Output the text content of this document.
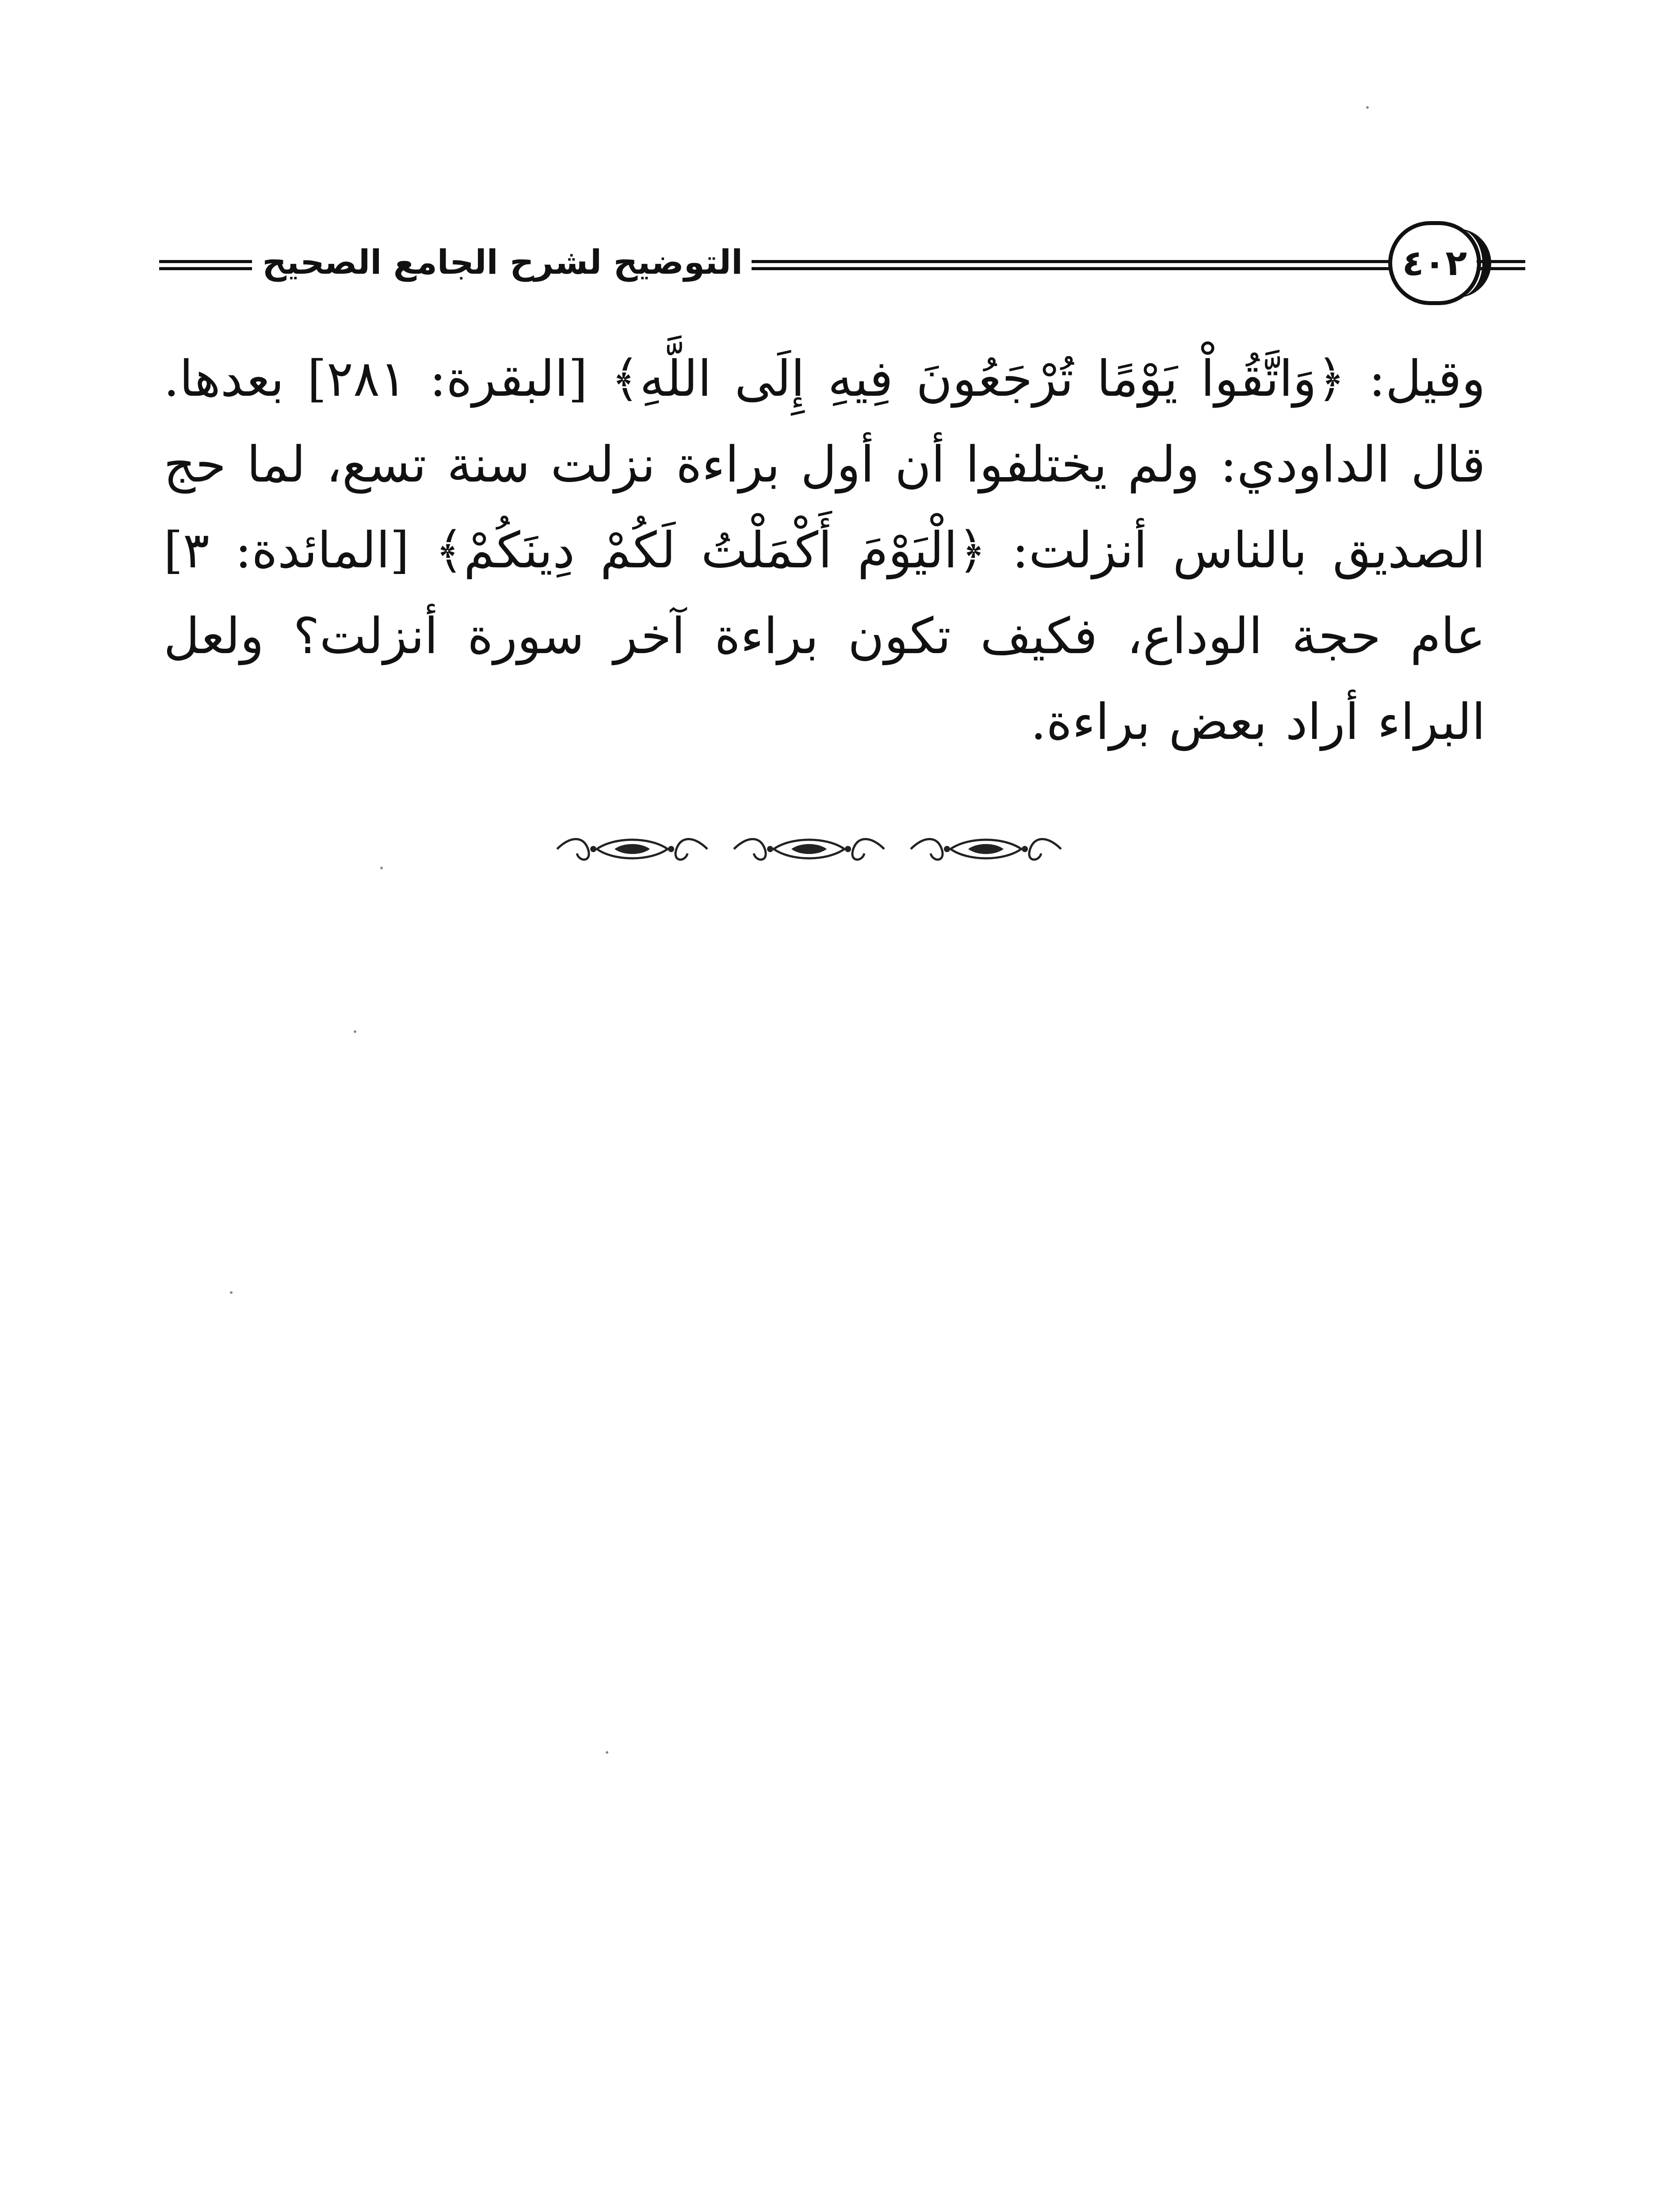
التوضيح لشرح الجامع الصحيح	٤٠٢

وقيل: ﴿وَاتَّقُواْ يَوْمًا تُرْجَعُونَ فِيهِ إِلَى اللَّهِ﴾ [البقرة: ٢٨١] بعدها. قال الداودي: ولم يختلفوا أن أول براءة نزلت سنة تسع، لما حج الصديق بالناس أنزلت: ﴿الْيَوْمَ أَكْمَلْتُ لَكُمْ دِينَكُمْ﴾ [المائدة: ٣] عام حجة الوداع، فكيف تكون براءة آخر سورة أنزلت؟ ولعل البراء أراد بعض براءة.
